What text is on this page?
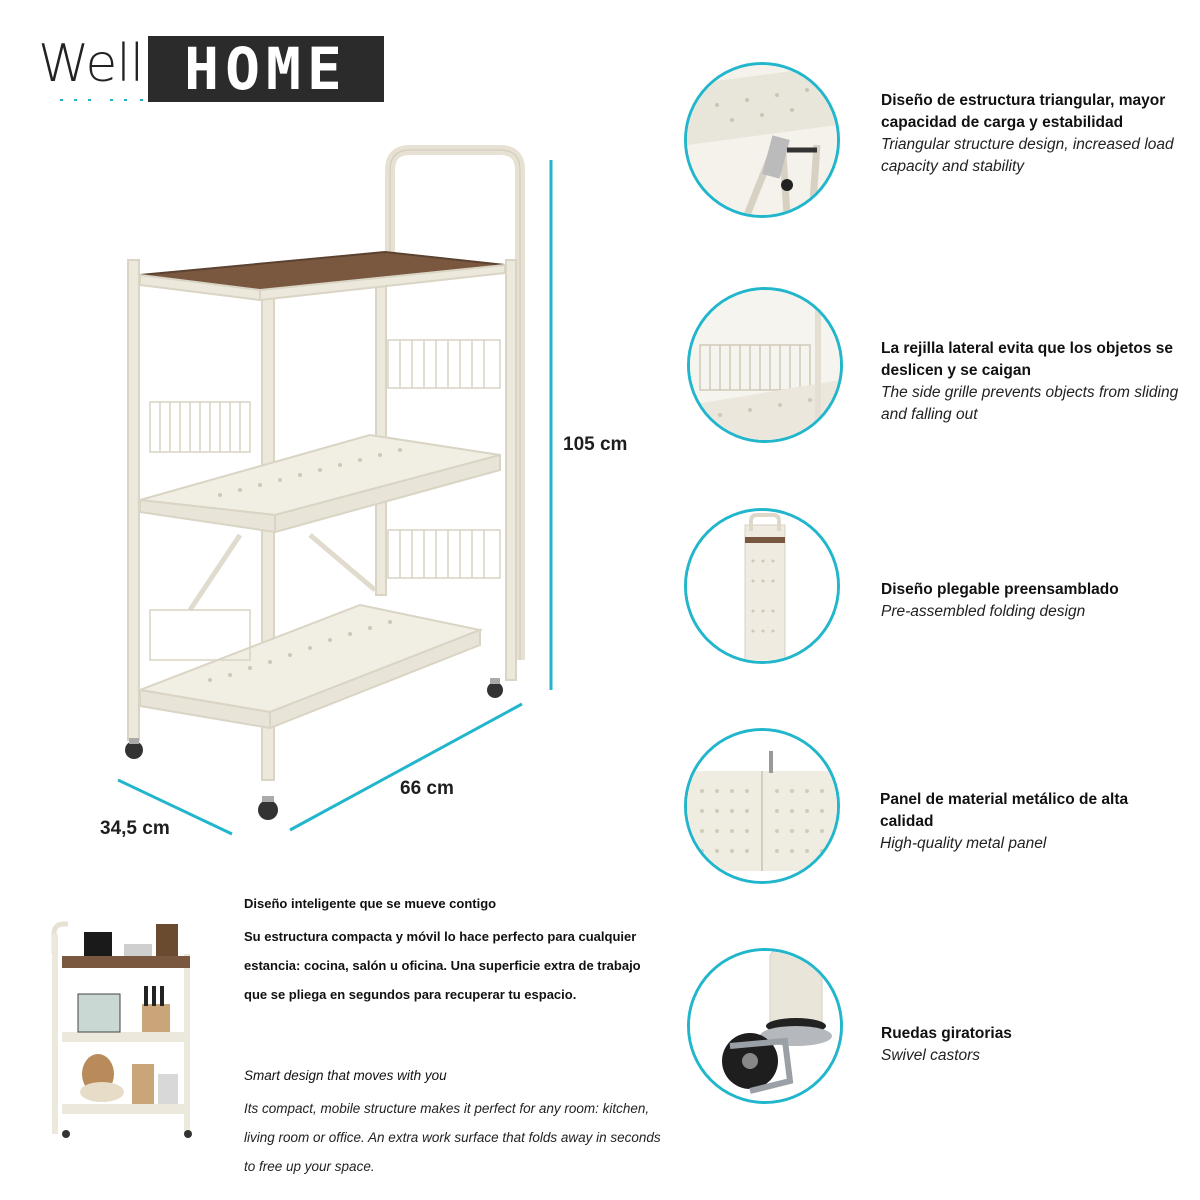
Well HOME
105 cm
66 cm
34,5 cm
Diseño de estructura triangular, mayor capacidad de carga y estabilidad
Triangular structure design, increased load capacity and stability
La rejilla lateral evita que los objetos se deslicen y se caigan
The side grille prevents objects from sliding and falling out
Diseño plegable preensamblado
Pre-assembled folding design
Panel de material metálico de alta calidad
High-quality metal panel
Ruedas giratorias
Swivel castors
Diseño inteligente que se mueve contigo
Su estructura compacta y móvil lo hace perfecto para cualquier estancia: cocina, salón u oficina. Una superficie extra de trabajo que se pliega en segundos para recuperar tu espacio.
Smart design that moves with you
Its compact, mobile structure makes it perfect for any room: kitchen, living room or office. An extra work surface that folds away in seconds to free up your space.
